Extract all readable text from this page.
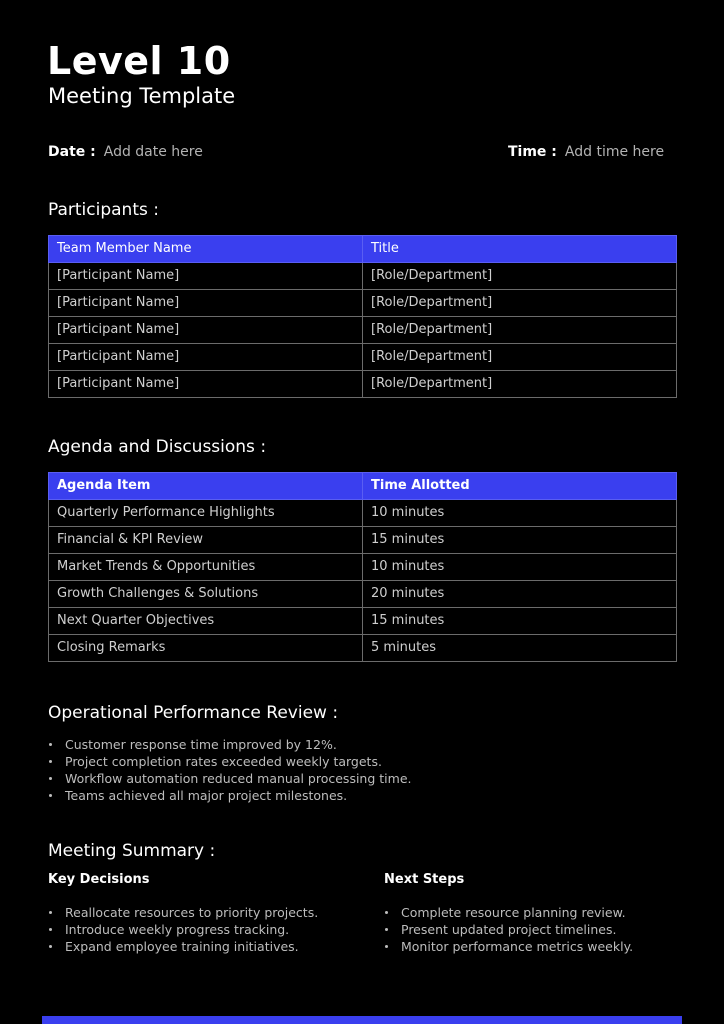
Level 10
Meeting Template
Date : Add date here	Time : Add time here
Participants :
Team Member Name	Title
[Participant Name]	[Role/Department]
[Participant Name]	[Role/Department]
[Participant Name]	[Role/Department]
[Participant Name]	[Role/Department]
[Participant Name]	[Role/Department]
Agenda and Discussions :
Agenda Item	Time Allotted
Quarterly Performance Highlights	10 minutes
Financial & KPI Review	15 minutes
Market Trends & Opportunities	10 minutes
Growth Challenges & Solutions	20 minutes
Next Quarter Objectives	15 minutes
Closing Remarks	5 minutes
Operational Performance Review :
Customer response time improved by 12%.
Project completion rates exceeded weekly targets.
Workflow automation reduced manual processing time.
Teams achieved all major project milestones.
Meeting Summary :
Key Decisions
Reallocate resources to priority projects.
Introduce weekly progress tracking.
Expand employee training initiatives.
Next Steps
Complete resource planning review.
Present updated project timelines.
Monitor performance metrics weekly.
